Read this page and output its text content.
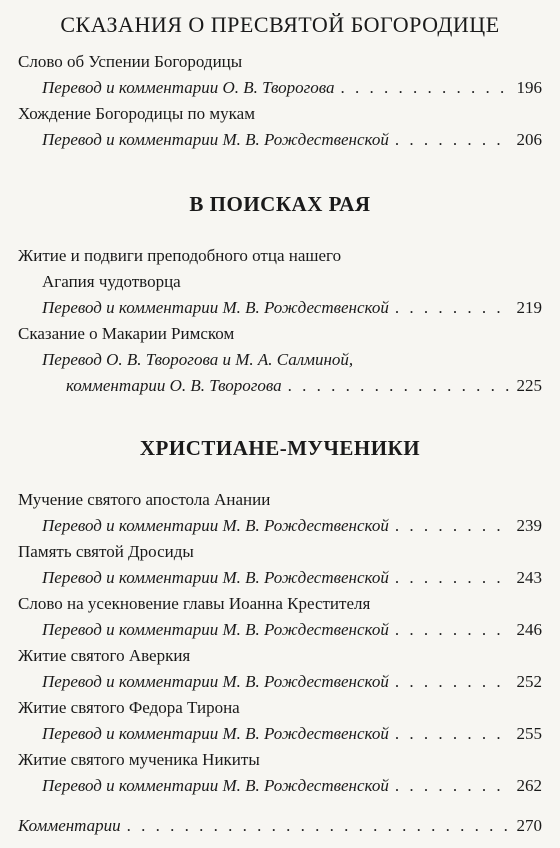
СКАЗАНИЯ О ПРЕСВЯТОЙ БОГОРОДИЦЕ
Слово об Успении Богородицы
Перевод и комментарии О. В. Творогова . . .	196
Хождение Богородицы по мукам
Перевод и комментарии М. В. Рождественской . . .	206
В ПОИСКАХ РАЯ
Житие и подвиги преподобного отца нашего
Агапия чудотворца
Перевод и комментарии М. В. Рождественской . . .	219
Сказание о Макарии Римском
Перевод О. В. Творогова и М. А. Салминой,
комментарии О. В. Творогова . . .	225
ХРИСТИАНЕ-МУЧЕНИКИ
Мучение святого апостола Анании
Перевод и комментарии М. В. Рождественской . . .	239
Память святой Дросиды
Перевод и комментарии М. В. Рождественской . . .	243
Слово на усекновение главы Иоанна Крестителя
Перевод и комментарии М. В. Рождественской . . .	246
Житие святого Аверкия
Перевод и комментарии М. В. Рождественской . . .	252
Житие святого Федора Тирона
Перевод и комментарии М. В. Рождественской . . .	255
Житие святого мученика Никиты
Перевод и комментарии М. В. Рождественской . . .	262
Комментарии . . .	270
